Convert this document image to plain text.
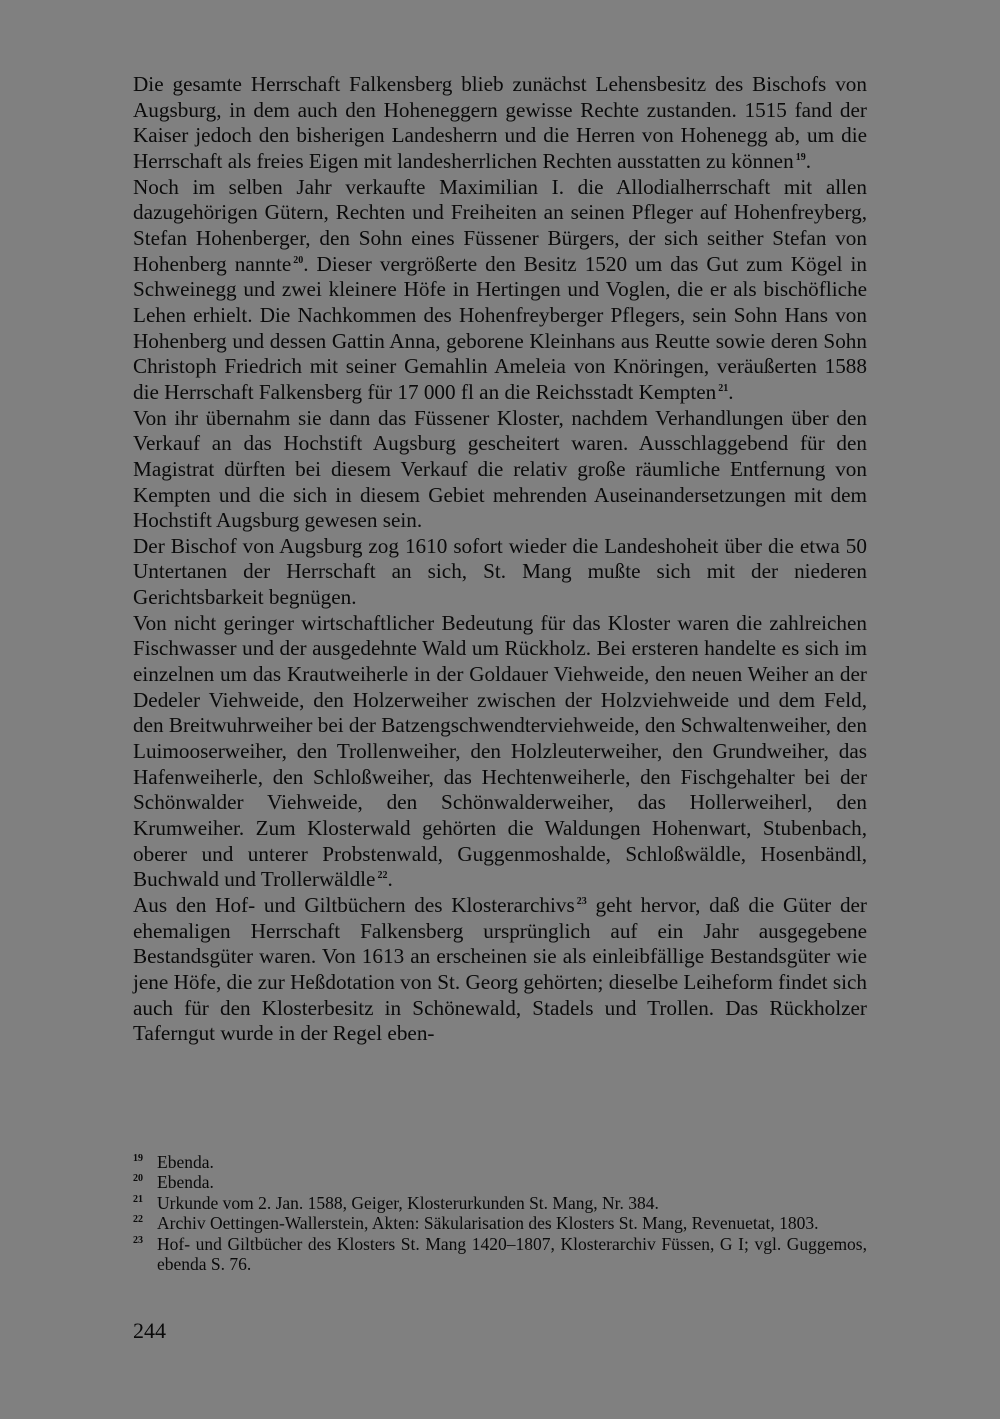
Die gesamte Herrschaft Falkensberg blieb zunächst Lehensbesitz des Bischofs von Augsburg, in dem auch den Hoheneggern gewisse Rechte zustanden. 1515 fand der Kaiser jedoch den bisherigen Landesherrn und die Herren von Hohenegg ab, um die Herrschaft als freies Eigen mit landesherrlichen Rechten ausstatten zu können $^{19}$.

Noch im selben Jahr verkaufte Maximilian I. die Allodialherrschaft mit allen dazugehörigen Gütern, Rechten und Freiheiten an seinen Pfleger auf Hohenfreyberg, Stefan Hohenberger, den Sohn eines Füssener Bürgers, der sich seither Stefan von Hohenberg nannte $^{20}$. Dieser vergrößerte den Besitz 1520 um das Gut zum Kögel in Schweinegg und zwei kleinere Höfe in Hertingen und Voglen, die er als bischöfliche Lehen erhielt. Die Nachkommen des Hohenfreyberger Pflegers, sein Sohn Hans von Hohenberg und dessen Gattin Anna, geborene Kleinhans aus Reutte sowie deren Sohn Christoph Friedrich mit seiner Gemahlin Ameleia von Knöringen, veräußerten 1588 die Herrschaft Falkensberg für 17 000 fl an die Reichsstadt Kempten $^{21}$.

Von ihr übernahm sie dann das Füssener Kloster, nachdem Verhandlungen über den Verkauf an das Hochstift Augsburg gescheitert waren. Ausschlaggebend für den Magistrat dürften bei diesem Verkauf die relativ große räumliche Entfernung von Kempten und die sich in diesem Gebiet mehrenden Auseinandersetzungen mit dem Hochstift Augsburg gewesen sein.

Der Bischof von Augsburg zog 1610 sofort wieder die Landeshoheit über die etwa 50 Untertanen der Herrschaft an sich, St. Mang mußte sich mit der niederen Gerichtsbarkeit begnügen.

Von nicht geringer wirtschaftlicher Bedeutung für das Kloster waren die zahlreichen Fischwasser und der ausgedehnte Wald um Rückholz. Bei ersteren handelte es sich im einzelnen um das Krautweiherle in der Goldauer Viehweide, den neuen Weiher an der Dedeler Viehweide, den Holzerweiher zwischen der Holzviehweide und dem Feld, den Breitwuhrweiher bei der Batzengschwendterviehweide, den Schwaltenweiher, den Luimooserweiher, den Trollenweiher, den Holzleuterweiher, den Grundweiher, das Hafenweiherle, den Schloßweiher, das Hechtenweiherle, den Fischgehalter bei der Schönwalder Viehweide, den Schönwalderweiher, das Hollerweiherl, den Krumweiher. Zum Klosterwald gehörten die Waldungen Hohenwart, Stubenbach, oberer und unterer Probstenwald, Guggenmoshalde, Schloßwäldle, Hosenbändl, Buchwald und Trollerwäldle $^{22}$.

Aus den Hof- und Giltbüchern des Klosterarchivs $^{23}$ geht hervor, daß die Güter der ehemaligen Herrschaft Falkensberg ursprünglich auf ein Jahr ausgegebene Bestandsgüter waren. Von 1613 an erscheinen sie als einleibfällige Bestandsgüter wie jene Höfe, die zur Heßdotation von St. Georg gehörten; dieselbe Leiheform findet sich auch für den Klosterbesitz in Schönewald, Stadels und Trollen. Das Rückholzer Taferngut wurde in der Regel eben-

19 Ebenda.

20 Ebenda.

21 Urkunde vom 2. Jan. 1588, Geiger, Klosterurkunden St. Mang, Nr. 384.

22 Archiv Oettingen-Wallerstein, Akten: Säkularisation des Klosters St. Mang, Revenuetat, 1803.

23 Hof- und Giltbücher des Klosters St. Mang 1420–1807, Klosterarchiv Füssen, G I; vgl. Guggemos, ebenda S. 76.

244
